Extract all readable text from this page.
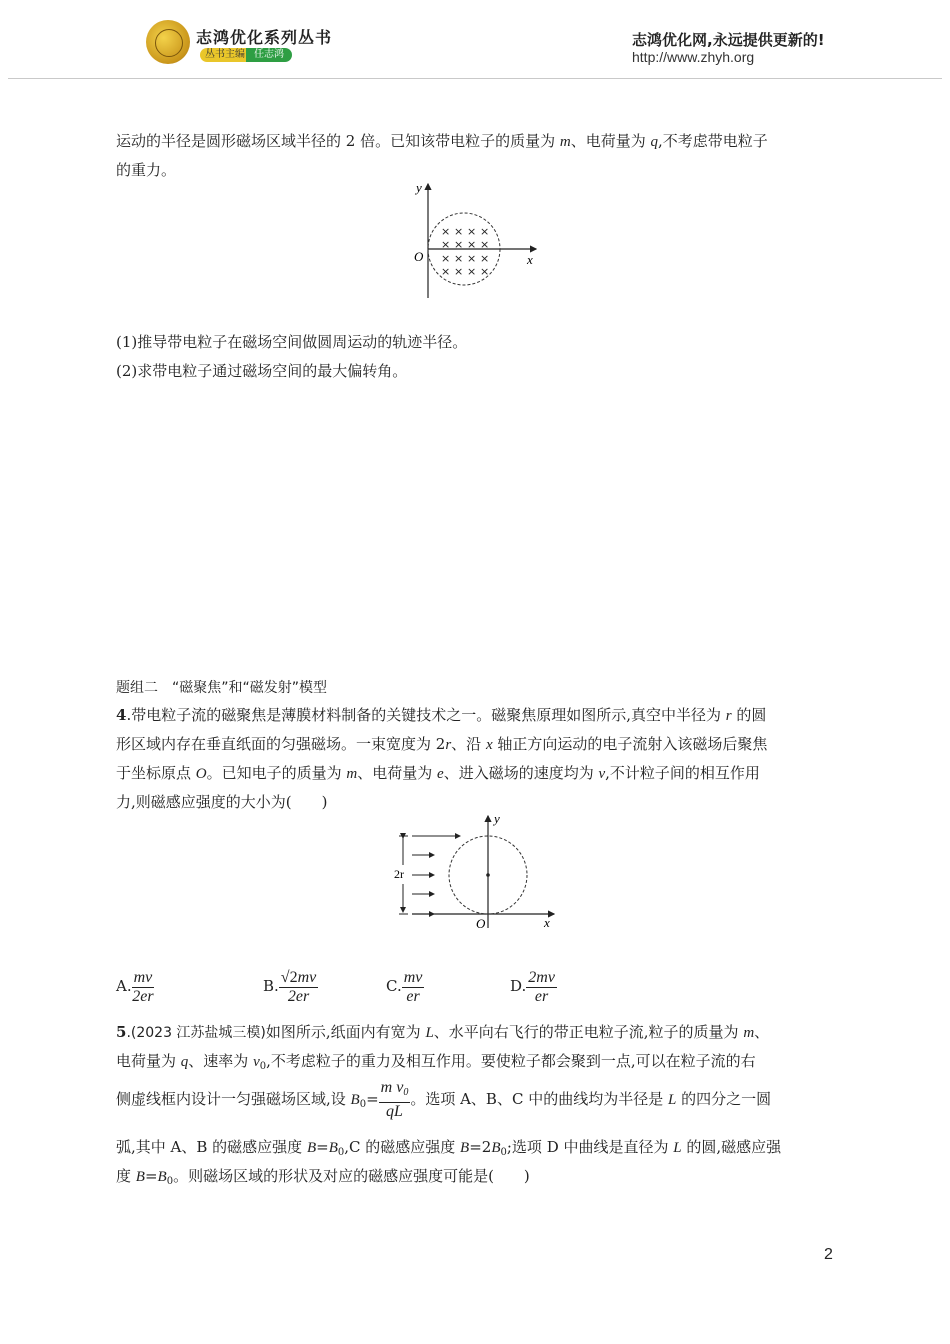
志鸿优化系列丛书
丛书主编 任志鸿
志鸿优化网,永远提供更新的!
http://www.zhyh.org
运动的半径是圆形磁场区域半径的 2 倍。已知该带电粒子的质量为 m、电荷量为 q,不考虑带电粒子
的重力。
× × × ×
× × × ×
× × × ×
× × × ×
y
x
O
(1)推导带电粒子在磁场空间做圆周运动的轨迹半径。
(2)求带电粒子通过磁场空间的最大偏转角。
题组二　“磁聚焦”和“磁发射”模型
4.带电粒子流的磁聚焦是薄膜材料制备的关键技术之一。磁聚焦原理如图所示,真空中半径为 r 的圆
形区域内存在垂直纸面的匀强磁场。一束宽度为 2r、沿 x 轴正方向运动的电子流射入该磁场后聚焦
于坐标原点 O。已知电子的质量为 m、电荷量为 e、进入磁场的速度均为 v,不计粒子间的相互作用
力,则磁感应强度的大小为(　　)
2r
y
x
O
A. $\frac{mv}{2er}$	B. $\frac{√2mv}{2er}$	C. $\frac{mv}{er}$	D. $\frac{2mv}{er}$
5.(2023 江苏盐城三模)如图所示,纸面内有宽为 L、水平向右飞行的带正电粒子流,粒子的质量为 m、
电荷量为 q、速率为 $v_0$,不考虑粒子的重力及相互作用。要使粒子都会聚到一点,可以在粒子流的右
侧虚线框内设计一匀强磁场区域,设 $B_0= \frac{m v_0}{qL}$ 。选项 A、B、C 中的曲线均为半径是 L 的四分之一圆
弧,其中 A、B 的磁感应强度 $B=B_0,C$ 的磁感应强度 $B=2B_0$;选项 D 中曲线是直径为 L 的圆,磁感应强
度 $B=B_0$。则磁场区域的形状及对应的磁感应强度可能是(　　)
2
